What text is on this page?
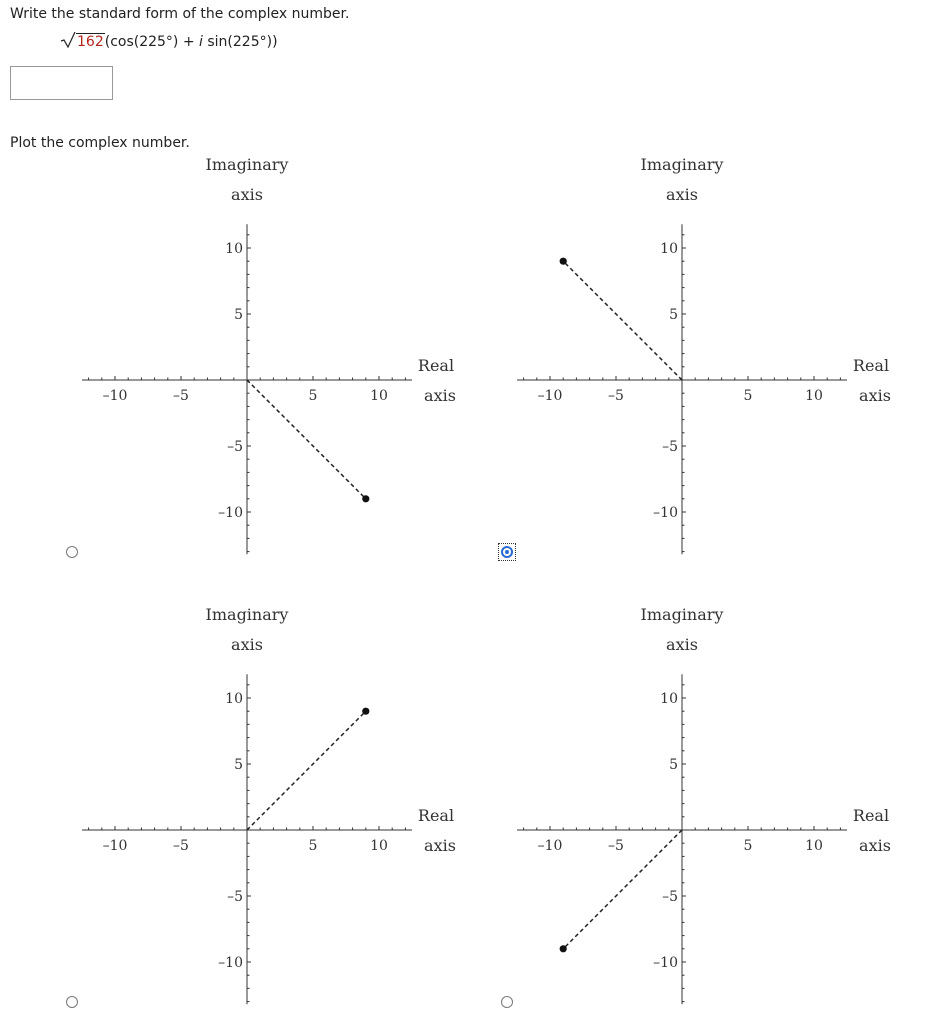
Write the standard form of the complex number.
162(cos(225°) + i sin(225°))
Plot the complex number.
–10
–10
–5
–5
5
5
10
10
Imaginary
axis
Real
axis	–10
–10
–5
–5
5
5
10
10
Imaginary
axis
Real
axis
–10
–10
–5
–5
5
5
10
10
Imaginary
axis
Real
axis	–10
–10
–5
–5
5
5
10
10
Imaginary
axis
Real
axis
